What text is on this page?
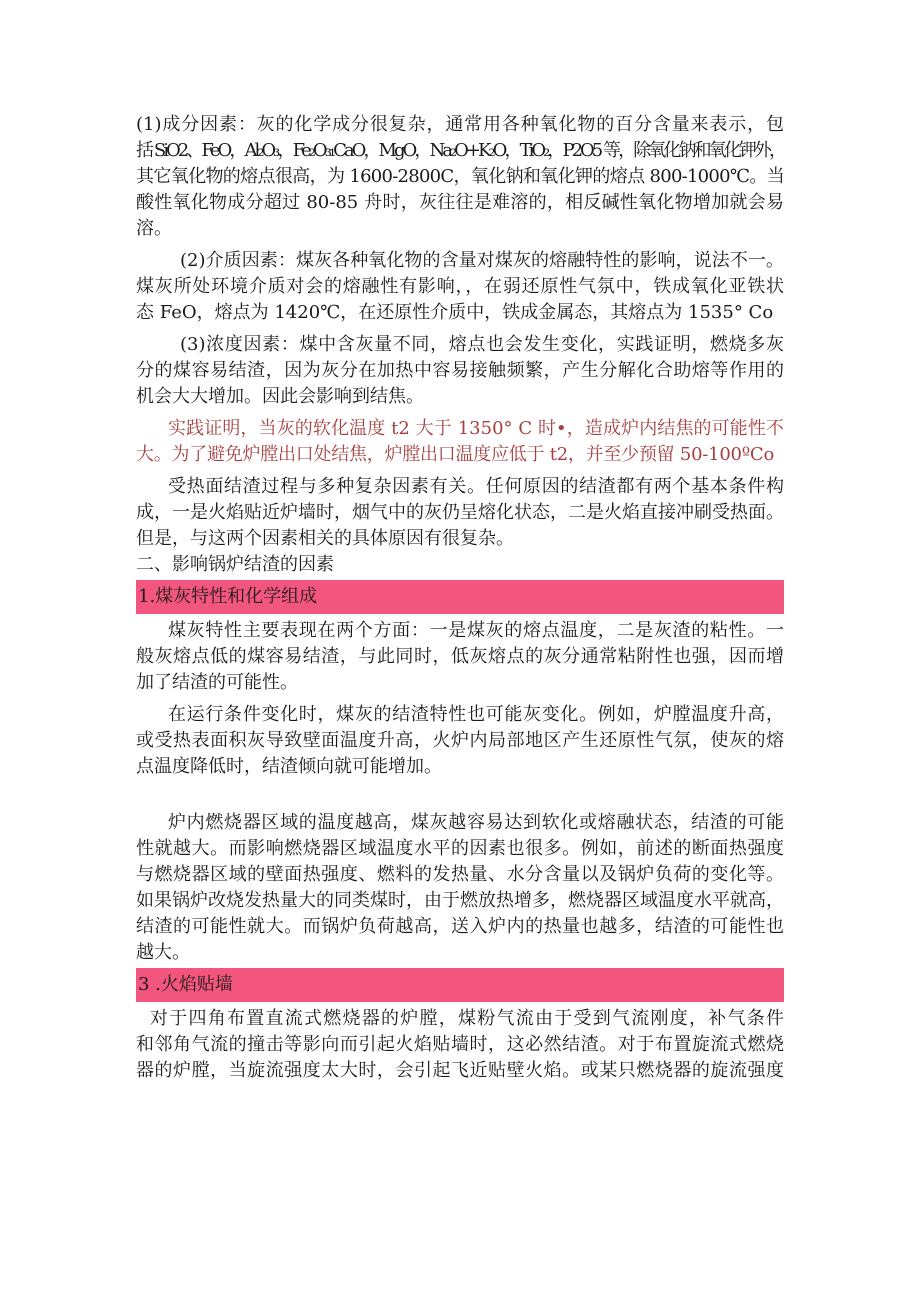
(1)成分因素：灰的化学成分很复杂，通常用各种氧化物的百分含量来表示，包
括 SiO2、FeO，Al₂O₃，Fe₂O₃₁CaO，MgO，Na₂O+K₂O，TiO₂，P2O5 等，除氧化钠和氧化钾外，
其它氧化物的熔点很高，为 1600-2800C，氧化钠和氧化钾的熔点 800-1000℃。当
酸性氧化物成分超过 80-85 舟时，灰往往是难溶的，相反碱性氧化物增加就会易
溶。
(2)介质因素：煤灰各种氧化物的含量对煤灰的熔融特性的影响，说法不一。
煤灰所处环境介质对会的熔融性有影响，，在弱还原性气氛中，铁成氧化亚铁状
态 FeO，熔点为 1420℃，在还原性介质中，铁成金属态，其熔点为 1535° Co
(3)浓度因素：煤中含灰量不同，熔点也会发生变化，实践证明，燃烧多灰
分的煤容易结渣，因为灰分在加热中容易接触频繁，产生分解化合助熔等作用的
机会大大增加。因此会影响到结焦。
实践证明，当灰的软化温度 t2 大于 1350° C 时•，造成炉内结焦的可能性不
大。为了避免炉膛出口处结焦，炉膛出口温度应低于 t2，并至少预留 50-100ºCo
受热面结渣过程与多种复杂因素有关。任何原因的结渣都有两个基本条件构
成，一是火焰贴近炉墙时，烟气中的灰仍呈熔化状态，二是火焰直接冲刷受热面。
但是，与这两个因素相关的具体原因有很复杂。
二、影响锅炉结渣的因素
1.煤灰特性和化学组成
煤灰特性主要表现在两个方面：一是煤灰的熔点温度，二是灰渣的粘性。一
般灰熔点低的煤容易结渣，与此同时，低灰熔点的灰分通常粘附性也强，因而增
加了结渣的可能性。
在运行条件变化时，煤灰的结渣特性也可能灰变化。例如，炉膛温度升高，
或受热表面积灰导致壁面温度升高，火炉内局部地区产生还原性气氛，使灰的熔
点温度降低时，结渣倾向就可能增加。
炉内燃烧器区域的温度越高，煤灰越容易达到软化或熔融状态，结渣的可能
性就越大。而影响燃烧器区域温度水平的因素也很多。例如，前述的断面热强度
与燃烧器区域的壁面热强度、燃料的发热量、水分含量以及锅炉负荷的变化等。
如果锅炉改烧发热量大的同类煤时，由于燃放热增多，燃烧器区域温度水平就高，
结渣的可能性就大。而锅炉负荷越高，送入炉内的热量也越多，结渣的可能性也
越大。
3 .火焰贴墙
对于四角布置直流式燃烧器的炉膛，煤粉气流由于受到气流刚度，补气条件
和邻角气流的撞击等影向而引起火焰贴墙时，这必然结渣。对于布置旋流式燃烧
器的炉膛，当旋流强度太大时，会引起飞近贴壁火焰。或某只燃烧器的旋流强度
